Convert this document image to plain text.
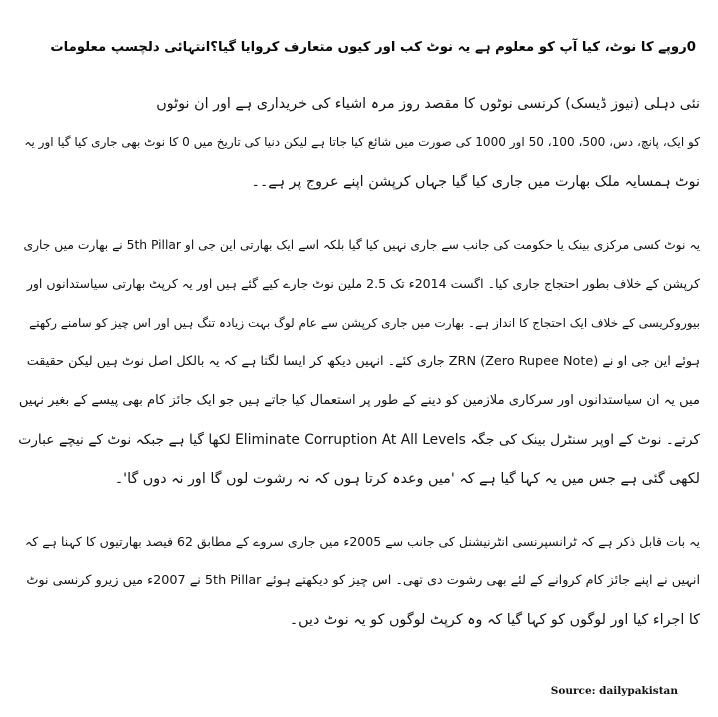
0روپے کا نوٹ، کیا آپ کو معلوم ہے یہ نوٹ کب اور کیوں متعارف کروایا گیا؟انتہائی دلچسپ معلومات
نئی دہلی (نیوز ڈیسک) کرنسی نوٹوں کا مقصد روز مرہ اشیاء کی خریداری ہے اور ان نوٹوں
کو ایک، پانچ، دس، 500، 100، 50 اور 1000 کی صورت میں شائع کیا جاتا ہے لیکن دنیا کی تاریخ میں 0 کا نوٹ بھی جاری کیا گیا اور یہ
نوٹ ہمسایہ ملک بھارت میں جاری کیا گیا جہاں کرپشن اپنے عروج پر ہے۔۔
یہ نوٹ کسی مرکزی بینک یا حکومت کی جانب سے جاری نہیں کیا گیا بلکہ اسے ایک بھارتی این جی او 5th Pillar نے بھارت میں جاری
کرپشن کے خلاف بطور احتجاج جاری کیا۔ اگست 2014ء تک 2.5 ملین نوٹ جارے کیے گئے ہیں اور یہ کرپٹ بھارتی سیاستدانوں اور
بیوروکریسی کے خلاف ایک احتجاج کا انداز ہے۔ بھارت میں جاری کرپشن سے عام لوگ بہت زیادہ تنگ ہیں اور اس چیز کو سامنے رکھتے
ہوئے این جی او نے ZRN (Zero Rupee Note) جاری کئے۔ انہیں دیکھ کر ایسا لگتا ہے کہ یہ بالکل اصل نوٹ ہیں لیکن حقیقت
میں یہ ان سیاستدانوں اور سرکاری ملازمین کو دینے کے طور پر استعمال کیا جاتے ہیں جو ایک جائز کام بھی پیسے کے بغیر نہیں
کرتے۔ نوٹ کے اوپر سنٹرل بینک کی جگہ Eliminate Corruption At All Levels لکھا گیا ہے جبکہ نوٹ کے نیچے عبارت
لکھی گئی ہے جس میں یہ کہا گیا ہے کہ 'میں وعدہ کرتا ہوں کہ نہ رشوت لوں گا اور نہ دوں گا'۔
یہ بات قابل ذکر ہے کہ ٹرانسپرنسی انٹرنیشنل کی جانب سے 2005ء میں جاری سروے کے مطابق 62 فیصد بھارتیوں کا کہنا ہے کہ
انہیں نے اپنے جائز کام کروانے کے لئے بھی رشوت دی تھی۔ اس چیز کو دیکھتے ہوئے 5th Pillar نے 2007ء میں زیرو کرنسی نوٹ
کا اجراء کیا اور لوگوں کو کہا گیا کہ وہ کرپٹ لوگوں کو یہ نوٹ دیں۔
Source: dailypakistan
